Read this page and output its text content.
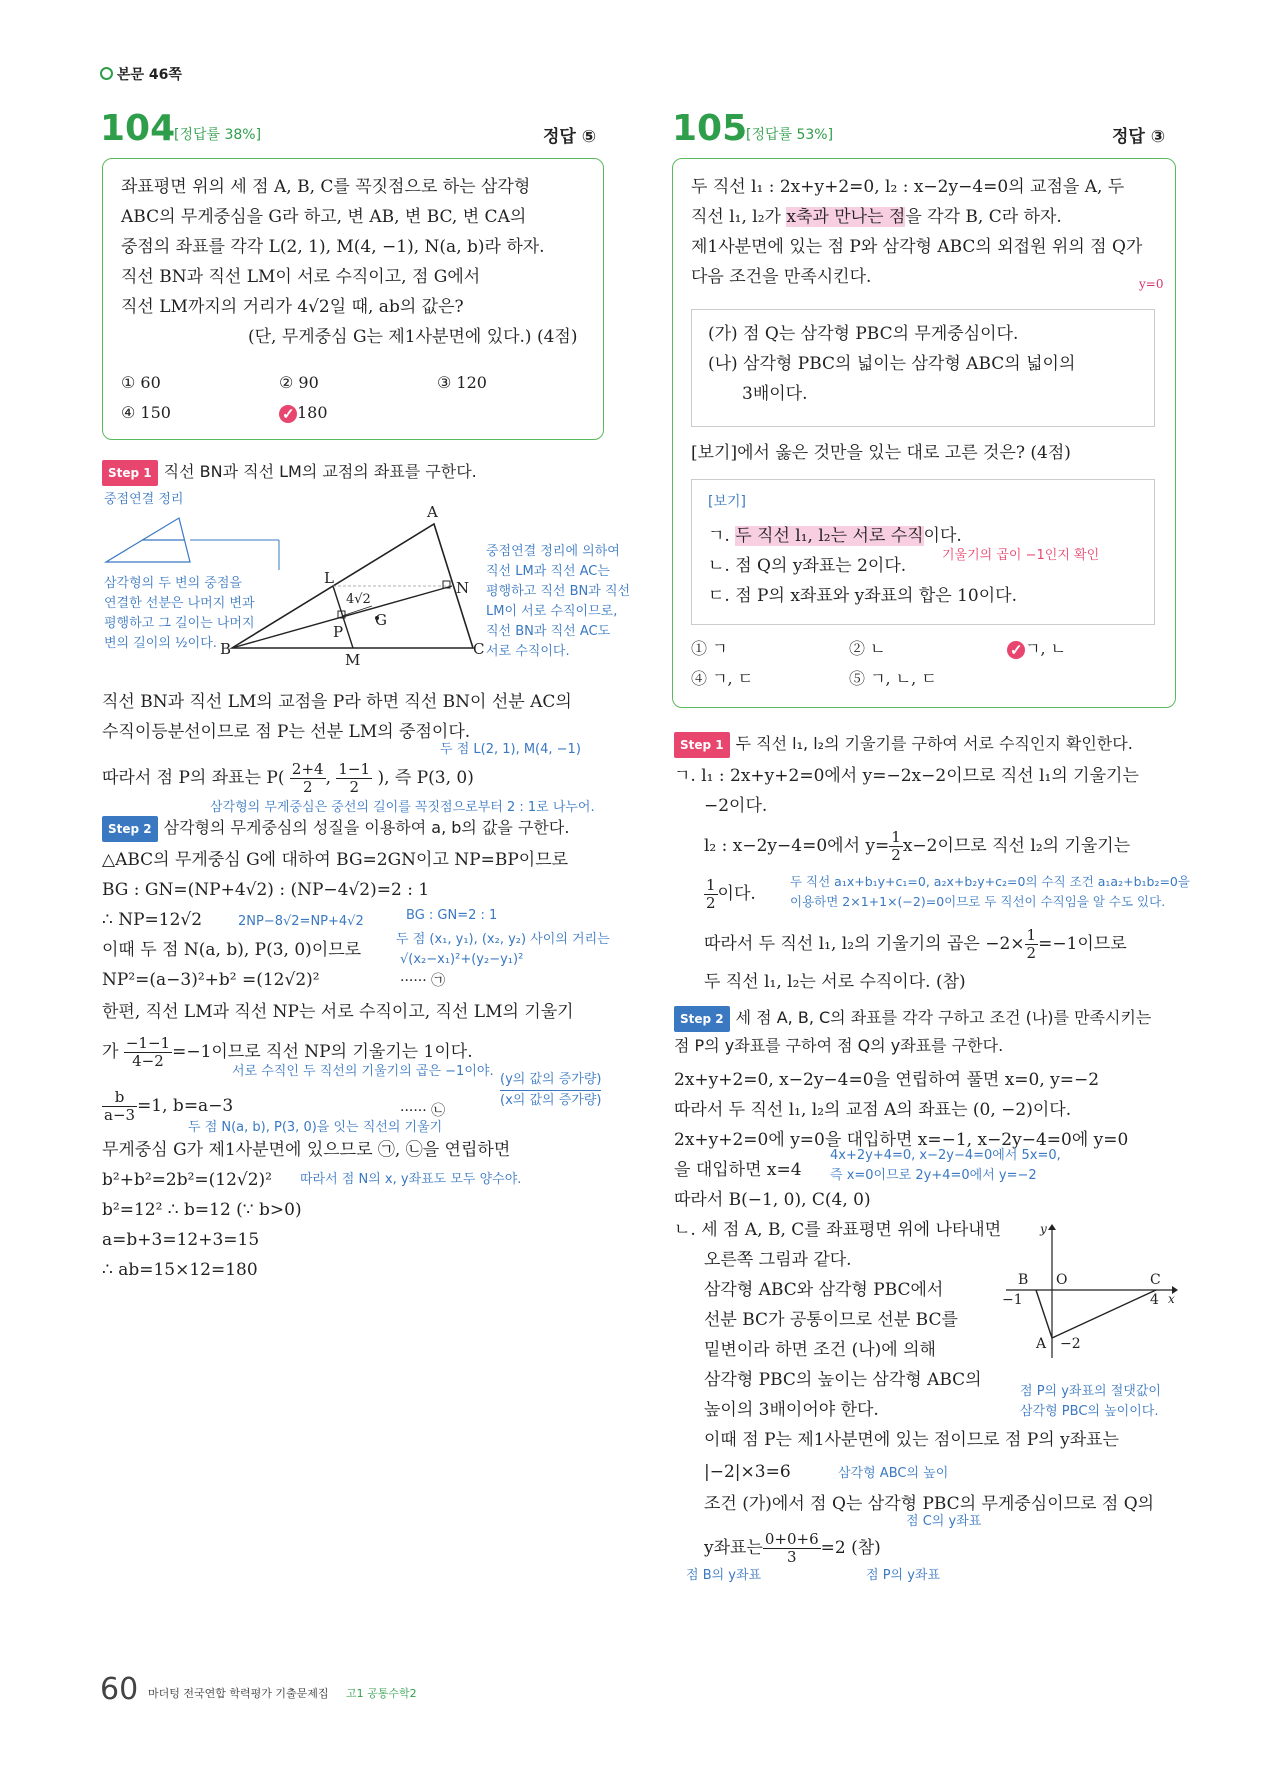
본문 46쪽
104
[정답률 38%]	정답 ⑤
좌표평면 위의 세 점 A, B, C를 꼭짓점으로 하는 삼각형
ABC의 무게중심을 G라 하고, 변 AB, 변 BC, 변 CA의
중점의 좌표를 각각 L(2, 1), M(4, −1), N(a, b)라 하자.
직선 BN과 직선 LM이 서로 수직이고, 점 G에서
직선 LM까지의 거리가 4√2일 때, ab의 값은?
(단, 무게중심 G는 제1사분면에 있다.) (4점)
① 60	② 90	③ 120
④ 150 ✓	180
Step 1 직선 BN과 직선 LM의 교점의 좌표를 구한다.
중점연결 정리
삼각형의 두 변의 중점을
연결한 선분은 나머지 변과
평행하고 그 길이는 나머지
변의 길이의 ½이다.
A
B	C
L
N
P
G
M
4√2
중점연결 정리에 의하여
직선 LM과 직선 AC는
평행하고 직선 BN과 직선
LM이 서로 수직이므로,
직선 BN과 직선 AC도
서로 수직이다.
직선 BN과 직선 LM의 교점을 P라 하면 직선 BN이 선분 AC의
수직이등분선이므로 점 P는 선분 LM의 중점이다.
두 점 L(2, 1), M(4, −1)
따라서 점 P의 좌표는 $P( \frac{2+4}{2}$ , $\frac{1-1}{2}$ ), 즉 P(3, 0)
삼각형의 무게중심은 중선의 길이를 꼭짓점으로부터 2 : 1로 나누어.
Step 2 삼각형의 무게중심의 성질을 이용하여 a, b의 값을 구한다.
△ABC의 무게중심 G에 대하여 BG=2GN이고 NP=BP이므로
BG : GN=(NP+4√2) : (NP−4√2)=2 : 1
∴ NP=12√2	2NP−8√2=NP+4√2	BG : GN=2 : 1
이때 두 점 N(a, b), P(3, 0)이므로
두 점 (x₁, y₁), (x₂, y₂) 사이의 거리는
√(x₂−x₁)²+(y₂−y₁)²
NP²=(a−3)²+b² =(12√2)²	······ ㉠
한편, 직선 LM과 직선 NP는 서로 수직이고, 직선 LM의 기울기
가 $\frac{-1-1}{4-2} =-1$이므로 직선 NP의 기울기는 1이다.
서로 수직인 두 직선의 기울기의 곱은 −1이야.
(y의 값의 증가량)
(x의 값의 증가량)
$\frac{b}{a-3} =1$, b=a−3	······ ㉡
두 점 N(a, b), P(3, 0)을 잇는 직선의 기울기
무게중심 G가 제1사분면에 있으므로 ㉠, ㉡을 연립하면
b²+b²=2b²=(12√2)² 따라서 점 N의 x, y좌표도 모두 양수야.
b²=12² ∴ b=12 (∵ b>0)
a=b+3=12+3=15
∴ ab=15×12=180
105
[정답률 53%]	정답 ③
두 직선 l₁ : 2x+y+2=0, l₂ : x−2y−4=0의 교점을 A, 두
직선 l₁, l₂가 x축과 만나는 점을 각각 B, C라 하자.
제1사분면에 있는 점 P와 삼각형 ABC의 외접원 위의 점 Q가
다음 조건을 만족시킨다.	y=0
(가) 점 Q는 삼각형 PBC의 무게중심이다.
(나) 삼각형 PBC의 넓이는 삼각형 ABC의 넓이의
3배이다.
[보기]에서 옳은 것만을 있는 대로 고른 것은? (4점)
[보기]
ㄱ. 두 직선 l₁, l₂는 서로 수직이다.
기울기의 곱이 −1인지 확인
ㄴ. 점 Q의 y좌표는 2이다.
ㄷ. 점 P의 x좌표와 y좌표의 합은 10이다.
① ㄱ	② ㄴ ✓	ㄱ, ㄴ
④ ㄱ, ㄷ	⑤ ㄱ, ㄴ, ㄷ
Step 1 두 직선 l₁, l₂의 기울기를 구하여 서로 수직인지 확인한다.
ㄱ. l₁ : 2x+y+2=0에서 y=−2x−2이므로 직선 l₁의 기울기는
−2이다.
l₂ : x−2y−4=0에서 $y= \frac{1}{2} x-2$이므로 직선 l₂의 기울기는
$\frac{1}{2}$ 이다.
두 직선 a₁x+b₁y+c₁=0, a₂x+b₂y+c₂=0의 수직 조건 a₁a₂+b₁b₂=0을
이용하면 2×1+1×(−2)=0이므로 두 직선이 수직임을 알 수도 있다.
따라서 두 직선 l₁, l₂의 기울기의 곱은 $-2\times \frac{1}{2} =-1$이므로
두 직선 l₁, l₂는 서로 수직이다. (참)
Step 2 세 점 A, B, C의 좌표를 각각 구하고 조건 (나)를 만족시키는
점 P의 y좌표를 구하여 점 Q의 y좌표를 구한다.
2x+y+2=0, x−2y−4=0을 연립하여 풀면 x=0, y=−2
따라서 두 직선 l₁, l₂의 교점 A의 좌표는 (0, −2)이다.
2x+y+2=0에 y=0을 대입하면 x=−1, x−2y−4=0에 y=0
을 대입하면 x=4
4x+2y+4=0, x−2y−4=0에서 5x=0,
즉 x=0이므로 2y+4=0에서 y=−2
따라서 B(−1, 0), C(4, 0)
ㄴ. 세 점 A, B, C를 좌표평면 위에 나타내면
오른쪽 그림과 같다.
삼각형 ABC와 삼각형 PBC에서
선분 BC가 공통이므로 선분 BC를
밑변이라 하면 조건 (나)에 의해
삼각형 PBC의 높이는 삼각형 ABC의
높이의 3배이어야 한다.
점 P의 y좌표의 절댓값이
삼각형 PBC의 높이이다.
이때 점 P는 제1사분면에 있는 점이므로 점 P의 y좌표는
|−2|×3=6	삼각형 ABC의 높이
조건 (가)에서 점 Q는 삼각형 PBC의 무게중심이므로 점 Q의
점 C의 y좌표
y좌표는 $\frac{0+0+6}{3} =2$ (참)
점 B의 y좌표	점 P의 y좌표
y
x
B O	C
−1	4
A −2
60 마더텅 전국연합 학력평가 기출문제집 고1 공통수학2
